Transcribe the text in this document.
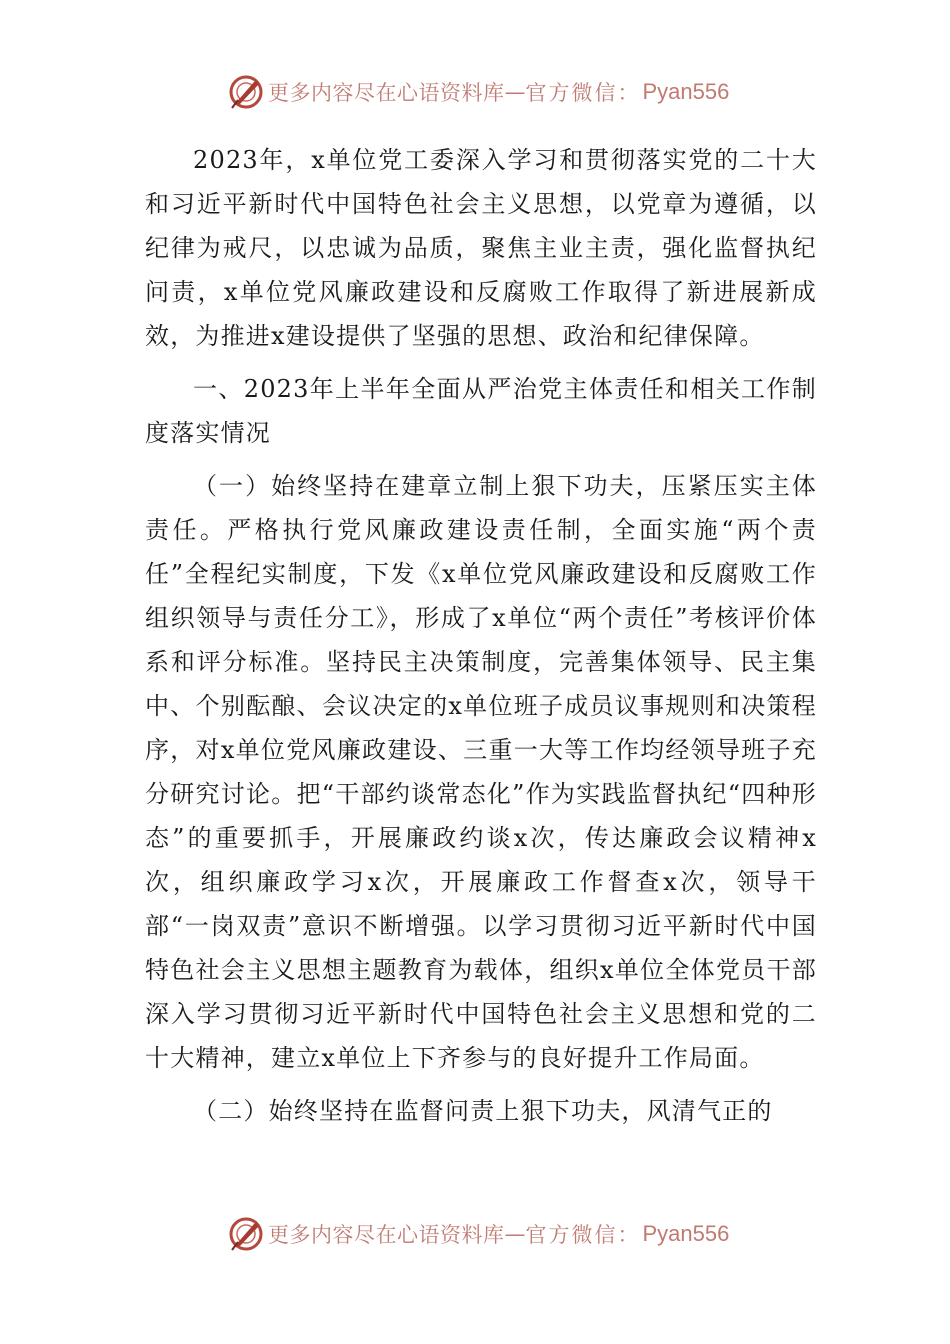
更多内容尽在心语资料库 — 官方微信： Pyan556

2023年，x单位党工委深入学习和贯彻落实党的二十大和习近平新时代中国特色社会主义思想，以党章为遵循，以纪律为戒尺，以忠诚为品质，聚焦主业主责，强化监督执纪问责，x单位党风廉政建设和反腐败工作取得了新进展新成效，为推进x建设提供了坚强的思想、政治和纪律保障。

一、2023年上半年全面从严治党主体责任和相关工作制度落实情况

（一）始终坚持在建章立制上狠下功夫，压紧压实主体责任。严格执行党风廉政建设责任制，全面实施“两个责任”全程纪实制度，下发《x单位党风廉政建设和反腐败工作组织领导与责任分工》，形成了x单位“两个责任”考核评价体系和评分标准。坚持民主决策制度，完善集体领导、民主集中、个别酝酿、会议决定的x单位班子成员议事规则和决策程序，对x单位党风廉政建设、三重一大等工作均经领导班子充分研究讨论。把“干部约谈常态化”作为实践监督执纪“四种形态”的重要抓手，开展廉政约谈x次，传达廉政会议精神x次，组织廉政学习x次，开展廉政工作督查x次，领导干部“一岗双责”意识不断增强。以学习贯彻习近平新时代中国特色社会主义思想主题教育为载体，组织x单位全体党员干部深入学习贯彻习近平新时代中国特色社会主义思想和党的二十大精神，建立x单位上下齐参与的良好提升工作局面。

（二）始终坚持在监督问责上狠下功夫，风清气正的

更多内容尽在心语资料库 — 官方微信： Pyan556
